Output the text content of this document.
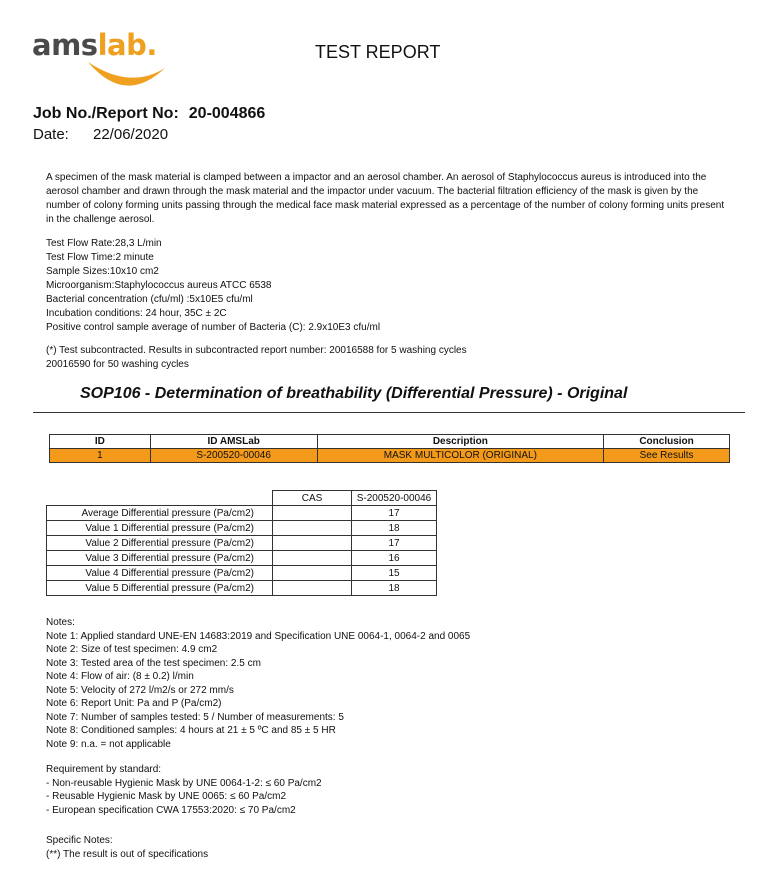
amslab.	TEST REPORT
Job No./Report No: 20-004866
Date: 22/06/2020
A specimen of the mask material is clamped between a impactor and an aerosol chamber. An aerosol of Staphylococcus aureus is introduced into the aerosol chamber and drawn through the mask material and the impactor under vacuum. The bacterial filtration efficiency of the mask is given by the number of colony forming units passing through the medical face mask material expressed as a percentage of the number of colony forming units present in the challenge aerosol.
Test Flow Rate:28,3 L/min
Test Flow Time:2 minute
Sample Sizes:10x10 cm2
Microorganism:Staphylococcus aureus ATCC 6538
Bacterial concentration (cfu/ml) :5x10E5 cfu/ml
Incubation conditions: 24 hour, 35C ± 2C
Positive control sample average of number of Bacteria (C): 2.9x10E3 cfu/ml
(*) Test subcontracted. Results in subcontracted report number: 20016588 for 5 washing cycles
20016590 for 50 washing cycles
SOP106 - Determination of breathability (Differential Pressure) - Original
ID	ID AMSLab	Description	Conclusion
1	S-200520-00046	MASK MULTICOLOR (ORIGINAL)	See Results
	CAS	S-200520-00046
Average Differential pressure (Pa/cm2)		17
Value 1 Differential pressure (Pa/cm2)		18
Value 2 Differential pressure (Pa/cm2)		17
Value 3 Differential pressure (Pa/cm2)		16
Value 4 Differential pressure (Pa/cm2)		15
Value 5 Differential pressure (Pa/cm2)		18
Notes:
Note 1: Applied standard UNE-EN 14683:2019 and Specification UNE 0064-1, 0064-2 and 0065
Note 2: Size of test specimen: 4.9 cm2
Note 3: Tested area of the test specimen: 2.5 cm
Note 4: Flow of air: (8 ± 0.2) l/min
Note 5: Velocity of 272 l/m2/s or 272 mm/s
Note 6: Report Unit: Pa and P (Pa/cm2)
Note 7: Number of samples tested: 5 / Number of measurements: 5
Note 8: Conditioned samples: 4 hours at 21 ± 5 ºC and 85 ± 5 HR
Note 9: n.a. = not applicable
Requirement by standard:
- Non-reusable Hygienic Mask by UNE 0064-1-2: ≤ 60 Pa/cm2
- Reusable Hygienic Mask by UNE 0065: ≤ 60 Pa/cm2
- European specification CWA 17553:2020: ≤ 70 Pa/cm2
Specific Notes:
(**) The result is out of specifications
